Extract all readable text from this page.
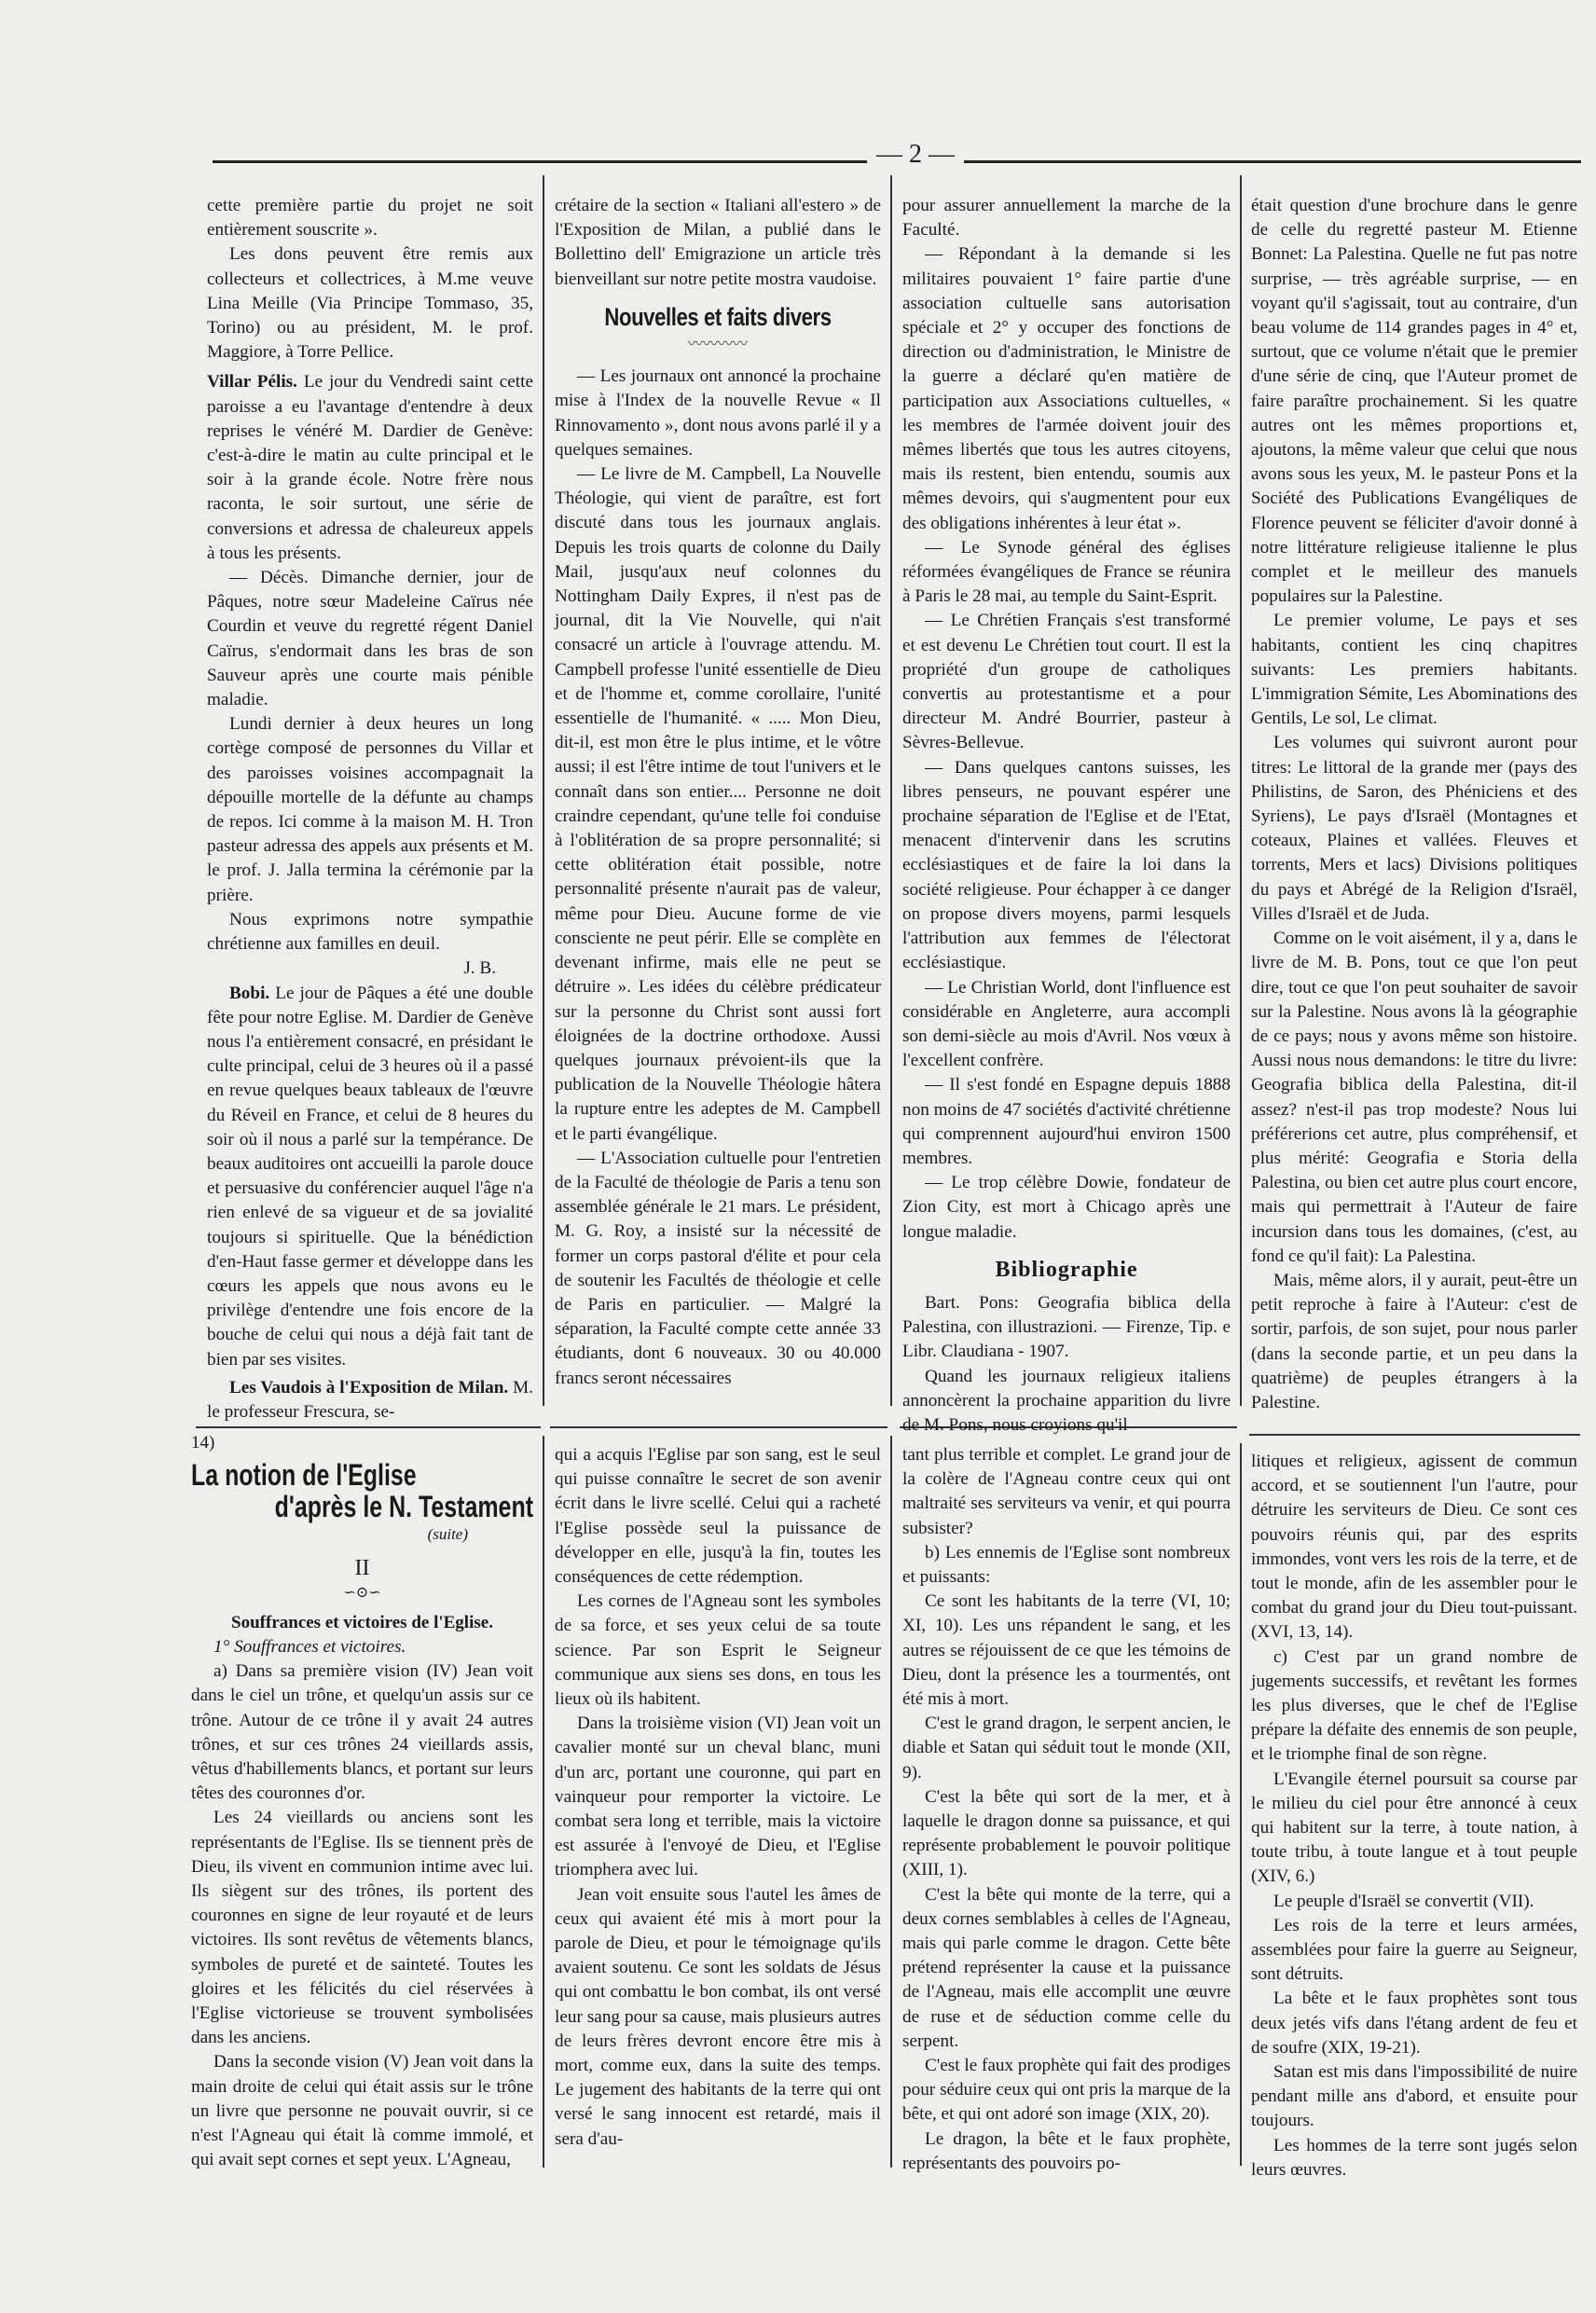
— 2 —

cette première partie du projet ne soit entièrement souscrite ».

Les dons peuvent être remis aux collecteurs et collectrices, à M.me veuve Lina Meille (Via Principe Tommaso, 35, Torino) ou au président, M. le prof. Maggiore, à Torre Pellice.

Villar Pélis. Le jour du Vendredi saint cette paroisse a eu l'avantage d'entendre à deux reprises le vénéré M. Dardier de Genève: c'est-à-dire le matin au culte principal et le soir à la grande école. Notre frère nous raconta, le soir surtout, une série de conversions et adressa de chaleureux appels à tous les présents.

— Décès. Dimanche dernier, jour de Pâques, notre sœur Madeleine Caïrus née Courdin et veuve du regretté régent Daniel Caïrus, s'endormait dans les bras de son Sauveur après une courte mais pénible maladie.

Lundi dernier à deux heures un long cortège composé de personnes du Villar et des paroisses voisines accompagnait la dépouille mortelle de la défunte au champs de repos. Ici comme à la maison M. H. Tron pasteur adressa des appels aux présents et M. le prof. J. Jalla termina la cérémonie par la prière.

Nous exprimons notre sympathie chrétienne aux familles en deuil.

J. B.

Bobi. Le jour de Pâques a été une double fête pour notre Eglise. M. Dardier de Genève nous l'a entièrement consacré, en présidant le culte principal, celui de 3 heures où il a passé en revue quelques beaux tableaux de l'œuvre du Réveil en France, et celui de 8 heures du soir où il nous a parlé sur la tempérance. De beaux auditoires ont accueilli la parole douce et persuasive du conférencier auquel l'âge n'a rien enlevé de sa vigueur et de sa jovialité toujours si spirituelle. Que la bénédiction d'en-Haut fasse germer et développe dans les cœurs les appels que nous avons eu le privilège d'entendre une fois encore de la bouche de celui qui nous a déjà fait tant de bien par ses visites.

Les Vaudois à l'Exposition de Milan. M. le professeur Frescura, se-

crétaire de la section « Italiani all'estero » de l'Exposition de Milan, a publié dans le Bollettino dell' Emigrazione un article très bienveillant sur notre petite mostra vaudoise.

Nouvelles et faits divers
〰〰〰〰

— Les journaux ont annoncé la prochaine mise à l'Index de la nouvelle Revue « Il Rinnovamento », dont nous avons parlé il y a quelques semaines.

— Le livre de M. Campbell, La Nouvelle Théologie, qui vient de paraître, est fort discuté dans tous les journaux anglais. Depuis les trois quarts de colonne du Daily Mail, jusqu'aux neuf colonnes du Nottingham Daily Expres, il n'est pas de journal, dit la Vie Nouvelle, qui n'ait consacré un article à l'ouvrage attendu. M. Campbell professe l'unité essentielle de Dieu et de l'homme et, comme corollaire, l'unité essentielle de l'humanité. « ..... Mon Dieu, dit-il, est mon être le plus intime, et le vôtre aussi; il est l'être intime de tout l'univers et le connaît dans son entier.... Personne ne doit craindre cependant, qu'une telle foi conduise à l'oblitération de sa propre personnalité; si cette oblitération était possible, notre personnalité présente n'aurait pas de valeur, même pour Dieu. Aucune forme de vie consciente ne peut périr. Elle se complète en devenant infirme, mais elle ne peut se détruire ». Les idées du célèbre prédicateur sur la personne du Christ sont aussi fort éloignées de la doctrine orthodoxe. Aussi quelques journaux prévoient-ils que la publication de la Nouvelle Théologie hâtera la rupture entre les adeptes de M. Campbell et le parti évangélique.

— L'Association cultuelle pour l'entretien de la Faculté de théologie de Paris a tenu son assemblée générale le 21 mars. Le président, M. G. Roy, a insisté sur la nécessité de former un corps pastoral d'élite et pour cela de soutenir les Facultés de théologie et celle de Paris en particulier. — Malgré la séparation, la Faculté compte cette année 33 étudiants, dont 6 nouveaux. 30 ou 40.000 francs seront nécessaires

pour assurer annuellement la marche de la Faculté.

— Répondant à la demande si les militaires pouvaient 1° faire partie d'une association cultuelle sans autorisation spéciale et 2° y occuper des fonctions de direction ou d'administration, le Ministre de la guerre a déclaré qu'en matière de participation aux Associations cultuelles, « les membres de l'armée doivent jouir des mêmes libertés que tous les autres citoyens, mais ils restent, bien entendu, soumis aux mêmes devoirs, qui s'augmentent pour eux des obligations inhérentes à leur état ».

— Le Synode général des églises réformées évangéliques de France se réunira à Paris le 28 mai, au temple du Saint-Esprit.

— Le Chrétien Français s'est transformé et est devenu Le Chrétien tout court. Il est la propriété d'un groupe de catholiques convertis au protestantisme et a pour directeur M. André Bourrier, pasteur à Sèvres-Bellevue.

— Dans quelques cantons suisses, les libres penseurs, ne pouvant espérer une prochaine séparation de l'Eglise et de l'Etat, menacent d'intervenir dans les scrutins ecclésiastiques et de faire la loi dans la société religieuse. Pour échapper à ce danger on propose divers moyens, parmi lesquels l'attribution aux femmes de l'électorat ecclésiastique.

— Le Christian World, dont l'influence est considérable en Angleterre, aura accompli son demi-siècle au mois d'Avril. Nos vœux à l'excellent confrère.

— Il s'est fondé en Espagne depuis 1888 non moins de 47 sociétés d'activité chrétienne qui comprennent aujourd'hui environ 1500 membres.

— Le trop célèbre Dowie, fondateur de Zion City, est mort à Chicago après une longue maladie.

Bibliographie

Bart. Pons: Geografia biblica della Palestina, con illustrazioni. — Firenze, Tip. e Libr. Claudiana - 1907.

Quand les journaux religieux italiens annoncèrent la prochaine apparition du livre de M. Pons, nous croyions qu'il

était question d'une brochure dans le genre de celle du regretté pasteur M. Etienne Bonnet: La Palestina. Quelle ne fut pas notre surprise, — très agréable surprise, — en voyant qu'il s'agissait, tout au contraire, d'un beau volume de 114 grandes pages in 4° et, surtout, que ce volume n'était que le premier d'une série de cinq, que l'Auteur promet de faire paraître prochainement. Si les quatre autres ont les mêmes proportions et, ajoutons, la même valeur que celui que nous avons sous les yeux, M. le pasteur Pons et la Société des Publications Evangéliques de Florence peuvent se féliciter d'avoir donné à notre littérature religieuse italienne le plus complet et le meilleur des manuels populaires sur la Palestine.

Le premier volume, Le pays et ses habitants, contient les cinq chapitres suivants: Les premiers habitants. L'immigration Sémite, Les Abominations des Gentils, Le sol, Le climat.

Les volumes qui suivront auront pour titres: Le littoral de la grande mer (pays des Philistins, de Saron, des Phéniciens et des Syriens), Le pays d'Israël (Montagnes et coteaux, Plaines et vallées. Fleuves et torrents, Mers et lacs) Divisions politiques du pays et Abrégé de la Religion d'Israël, Villes d'Israël et de Juda.

Comme on le voit aisément, il y a, dans le livre de M. B. Pons, tout ce que l'on peut dire, tout ce que l'on peut souhaiter de savoir sur la Palestine. Nous avons là la géographie de ce pays; nous y avons même son histoire. Aussi nous nous demandons: le titre du livre: Geografia biblica della Palestina, dit-il assez? n'est-il pas trop modeste? Nous lui préférerions cet autre, plus compréhensif, et plus mérité: Geografia e Storia della Palestina, ou bien cet autre plus court encore, mais qui permettrait à l'Auteur de faire incursion dans tous les domaines, (c'est, au fond ce qu'il fait): La Palestina.

Mais, même alors, il y aurait, peut-être un petit reproche à faire à l'Auteur: c'est de sortir, parfois, de son sujet, pour nous parler (dans la seconde partie, et un peu dans la quatrième) de peuples étrangers à la Palestine.

14)
La notion de l'Eglise
d'après le N. Testament
(suite)
II
∽⊙∽
Souffrances et victoires de l'Eglise.

1° Souffrances et victoires.

a) Dans sa première vision (IV) Jean voit dans le ciel un trône, et quelqu'un assis sur ce trône. Autour de ce trône il y avait 24 autres trônes, et sur ces trônes 24 vieillards assis, vêtus d'habillements blancs, et portant sur leurs têtes des couronnes d'or.

Les 24 vieillards ou anciens sont les représentants de l'Eglise. Ils se tiennent près de Dieu, ils vivent en communion intime avec lui. Ils siègent sur des trônes, ils portent des couronnes en signe de leur royauté et de leurs victoires. Ils sont revêtus de vêtements blancs, symboles de pureté et de sainteté. Toutes les gloires et les félicités du ciel réservées à l'Eglise victorieuse se trouvent symbolisées dans les anciens.

Dans la seconde vision (V) Jean voit dans la main droite de celui qui était assis sur le trône un livre que personne ne pouvait ouvrir, si ce n'est l'Agneau qui était là comme immolé, et qui avait sept cornes et sept yeux. L'Agneau,

qui a acquis l'Eglise par son sang, est le seul qui puisse connaître le secret de son avenir écrit dans le livre scellé. Celui qui a racheté l'Eglise possède seul la puissance de développer en elle, jusqu'à la fin, toutes les conséquences de cette rédemption.

Les cornes de l'Agneau sont les symboles de sa force, et ses yeux celui de sa toute science. Par son Esprit le Seigneur communique aux siens ses dons, en tous les lieux où ils habitent.

Dans la troisième vision (VI) Jean voit un cavalier monté sur un cheval blanc, muni d'un arc, portant une couronne, qui part en vainqueur pour remporter la victoire. Le combat sera long et terrible, mais la victoire est assurée à l'envoyé de Dieu, et l'Eglise triomphera avec lui.

Jean voit ensuite sous l'autel les âmes de ceux qui avaient été mis à mort pour la parole de Dieu, et pour le témoignage qu'ils avaient soutenu. Ce sont les soldats de Jésus qui ont combattu le bon combat, ils ont versé leur sang pour sa cause, mais plusieurs autres de leurs frères devront encore être mis à mort, comme eux, dans la suite des temps. Le jugement des habitants de la terre qui ont versé le sang innocent est retardé, mais il sera d'au-

tant plus terrible et complet. Le grand jour de la colère de l'Agneau contre ceux qui ont maltraité ses serviteurs va venir, et qui pourra subsister?

b) Les ennemis de l'Eglise sont nombreux et puissants:

Ce sont les habitants de la terre (VI, 10; XI, 10). Les uns répandent le sang, et les autres se réjouissent de ce que les témoins de Dieu, dont la présence les a tourmentés, ont été mis à mort.

C'est le grand dragon, le serpent ancien, le diable et Satan qui séduit tout le monde (XII, 9).

C'est la bête qui sort de la mer, et à laquelle le dragon donne sa puissance, et qui représente probablement le pouvoir politique (XIII, 1).

C'est la bête qui monte de la terre, qui a deux cornes semblables à celles de l'Agneau, mais qui parle comme le dragon. Cette bête prétend représenter la cause et la puissance de l'Agneau, mais elle accomplit une œuvre de ruse et de séduction comme celle du serpent.

C'est le faux prophète qui fait des prodiges pour séduire ceux qui ont pris la marque de la bête, et qui ont adoré son image (XIX, 20).

Le dragon, la bête et le faux prophète, représentants des pouvoirs po-

litiques et religieux, agissent de commun accord, et se soutiennent l'un l'autre, pour détruire les serviteurs de Dieu. Ce sont ces pouvoirs réunis qui, par des esprits immondes, vont vers les rois de la terre, et de tout le monde, afin de les assembler pour le combat du grand jour du Dieu tout-puissant. (XVI, 13, 14).

c) C'est par un grand nombre de jugements successifs, et revêtant les formes les plus diverses, que le chef de l'Eglise prépare la défaite des ennemis de son peuple, et le triomphe final de son règne.

L'Evangile éternel poursuit sa course par le milieu du ciel pour être annoncé à ceux qui habitent sur la terre, à toute nation, à toute tribu, à toute langue et à tout peuple (XIV, 6.)

Le peuple d'Israël se convertit (VII).

Les rois de la terre et leurs armées, assemblées pour faire la guerre au Seigneur, sont détruits.

La bête et le faux prophètes sont tous deux jetés vifs dans l'étang ardent de feu et de soufre (XIX, 19-21).

Satan est mis dans l'impossibilité de nuire pendant mille ans d'abord, et ensuite pour toujours.

Les hommes de la terre sont jugés selon leurs œuvres.
